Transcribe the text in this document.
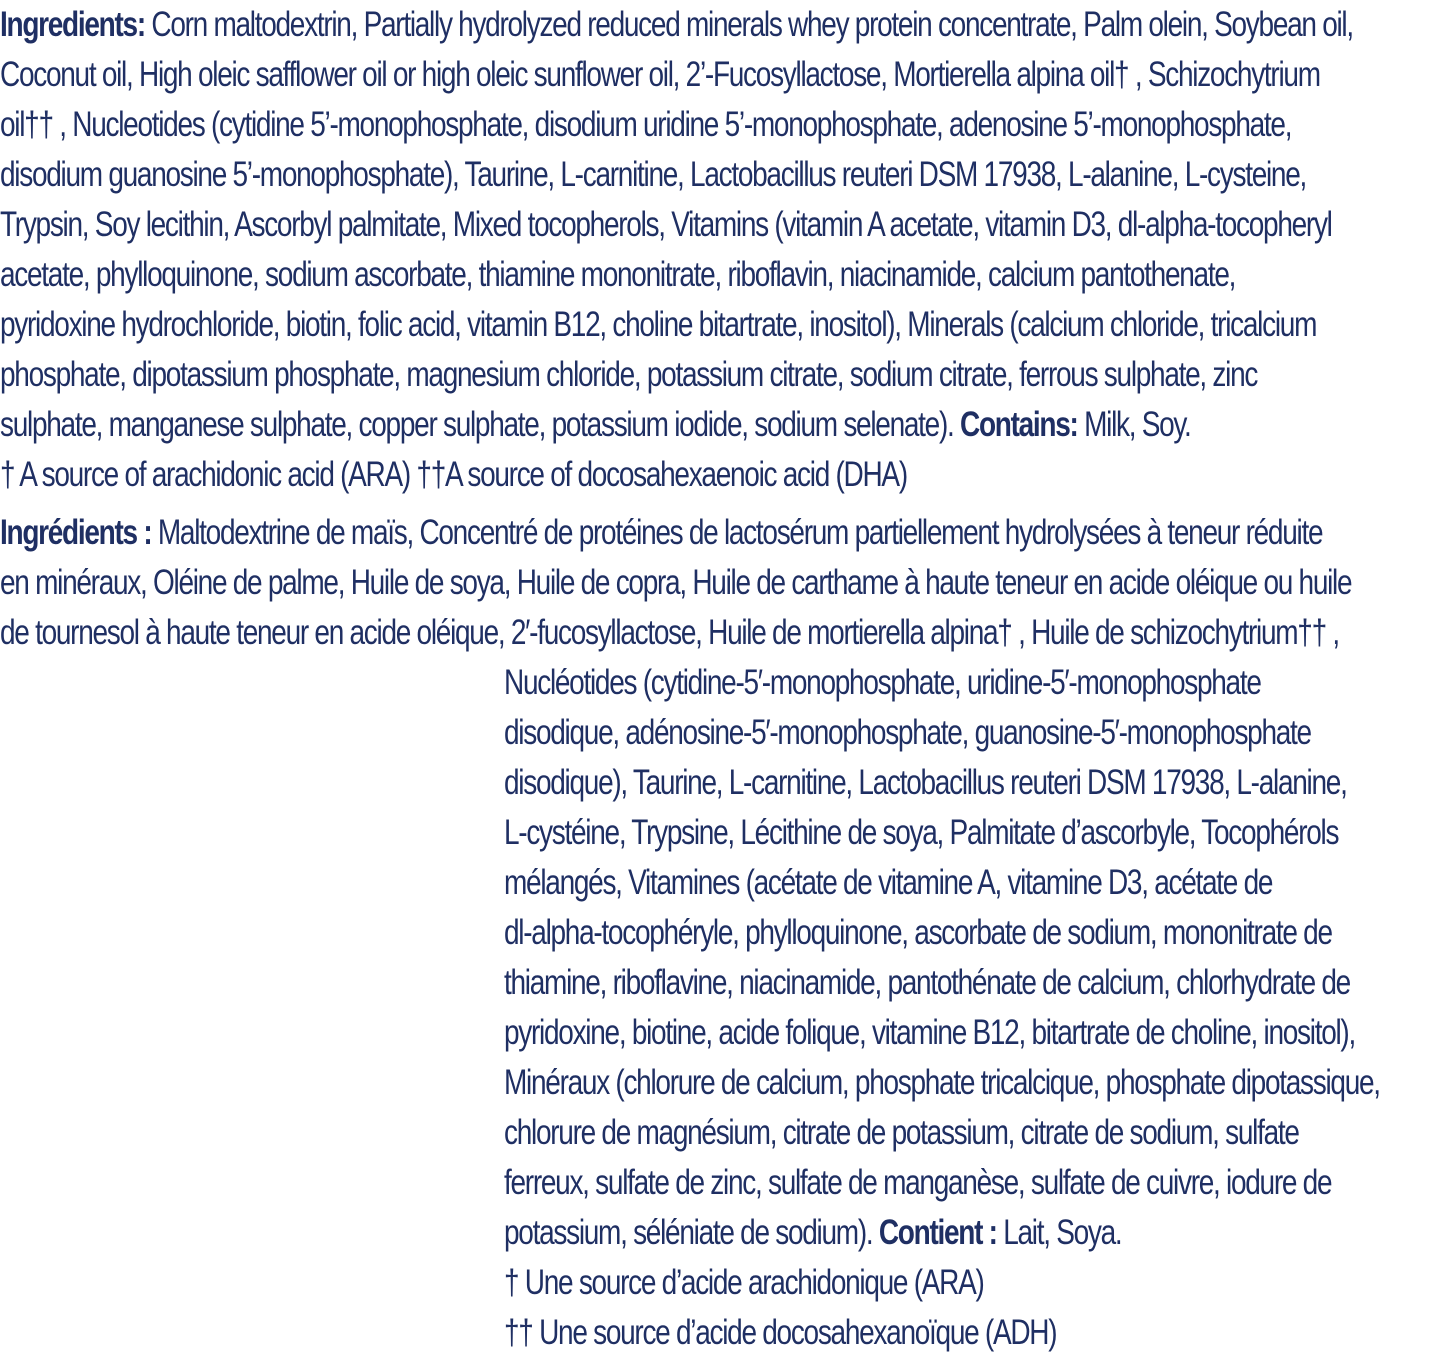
Ingredients: Corn maltodextrin, Partially hydrolyzed reduced minerals whey protein concentrate, Palm olein, Soybean oil,
Coconut oil, High oleic safflower oil or high oleic sunflower oil, 2’-Fucosyllactose, Mortierella alpina oil† , Schizochytrium
oil†† , Nucleotides (cytidine 5’-monophosphate, disodium uridine 5’-monophosphate, adenosine 5’-monophosphate,
disodium guanosine 5’-monophosphate), Taurine, L-carnitine, Lactobacillus reuteri DSM 17938, L-alanine, L-cysteine,
Trypsin, Soy lecithin, Ascorbyl palmitate, Mixed tocopherols, Vitamins (vitamin A acetate, vitamin D3, dl-alpha-tocopheryl
acetate, phylloquinone, sodium ascorbate, thiamine mononitrate, riboflavin, niacinamide, calcium pantothenate,
pyridoxine hydrochloride, biotin, folic acid, vitamin B12, choline bitartrate, inositol), Minerals (calcium chloride, tricalcium
phosphate, dipotassium phosphate, magnesium chloride, potassium citrate, sodium citrate, ferrous sulphate, zinc
sulphate, manganese sulphate, copper sulphate, potassium iodide, sodium selenate). Contains: Milk, Soy.
† A source of arachidonic acid (ARA) ††A source of docosahexaenoic acid (DHA)
Ingrédients : Maltodextrine de maïs, Concentré de protéines de lactosérum partiellement hydrolysées à teneur réduite
en minéraux, Oléine de palme, Huile de soya, Huile de copra, Huile de carthame à haute teneur en acide oléique ou huile
de tournesol à haute teneur en acide oléique, 2′-fucosyllactose, Huile de mortierella alpina† , Huile de schizochytrium†† ,
Nucléotides (cytidine-5′-monophosphate, uridine-5′-monophosphate
disodique, adénosine-5′-monophosphate, guanosine-5′-monophosphate
disodique), Taurine, L-carnitine, Lactobacillus reuteri DSM 17938, L-alanine,
L-cystéine, Trypsine, Lécithine de soya, Palmitate d’ascorbyle, Tocophérols
mélangés, Vitamines (acétate de vitamine A, vitamine D3, acétate de
dl-alpha-tocophéryle, phylloquinone, ascorbate de sodium, mononitrate de
thiamine, riboflavine, niacinamide, pantothénate de calcium, chlorhydrate de
pyridoxine, biotine, acide folique, vitamine B12, bitartrate de choline, inositol),
Minéraux (chlorure de calcium, phosphate tricalcique, phosphate dipotassique,
chlorure de magnésium, citrate de potassium, citrate de sodium, sulfate
ferreux, sulfate de zinc, sulfate de manganèse, sulfate de cuivre, iodure de
potassium, séléniate de sodium). Contient : Lait, Soya.
† Une source d’acide arachidonique (ARA)
†† Une source d’acide docosahexanoïque (ADH)
